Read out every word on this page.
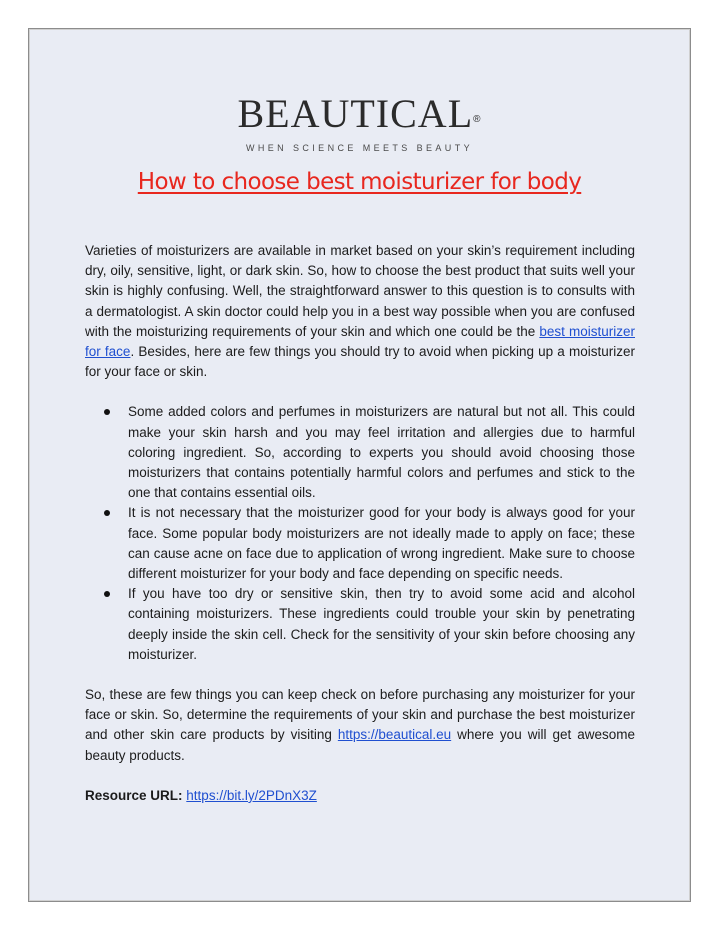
BEAUTICAL®
WHEN SCIENCE MEETS BEAUTY
How to choose best moisturizer for body

Varieties of moisturizers are available in market based on your skin’s requirement including dry, oily, sensitive, light, or dark skin. So, how to choose the best product that suits well your skin is highly confusing. Well, the straightforward answer to this question is to consults with a dermatologist. A skin doctor could help you in a best way possible when you are confused with the moisturizing requirements of your skin and which one could be the best moisturizer for face. Besides, here are few things you should try to avoid when picking up a moisturizer for your face or skin.

Some added colors and perfumes in moisturizers are natural but not all. This could make your skin harsh and you may feel irritation and allergies due to harmful coloring ingredient. So, according to experts you should avoid choosing those moisturizers that contains potentially harmful colors and perfumes and stick to the one that contains essential oils.
It is not necessary that the moisturizer good for your body is always good for your face. Some popular body moisturizers are not ideally made to apply on face; these can cause acne on face due to application of wrong ingredient. Make sure to choose different moisturizer for your body and face depending on specific needs.
If you have too dry or sensitive skin, then try to avoid some acid and alcohol containing moisturizers. These ingredients could trouble your skin by penetrating deeply inside the skin cell. Check for the sensitivity of your skin before choosing any moisturizer.

So, these are few things you can keep check on before purchasing any moisturizer for your face or skin. So, determine the requirements of your skin and purchase the best moisturizer and other skin care products by visiting https://beautical.eu where you will get awesome beauty products.

Resource URL: https://bit.ly/2PDnX3Z
